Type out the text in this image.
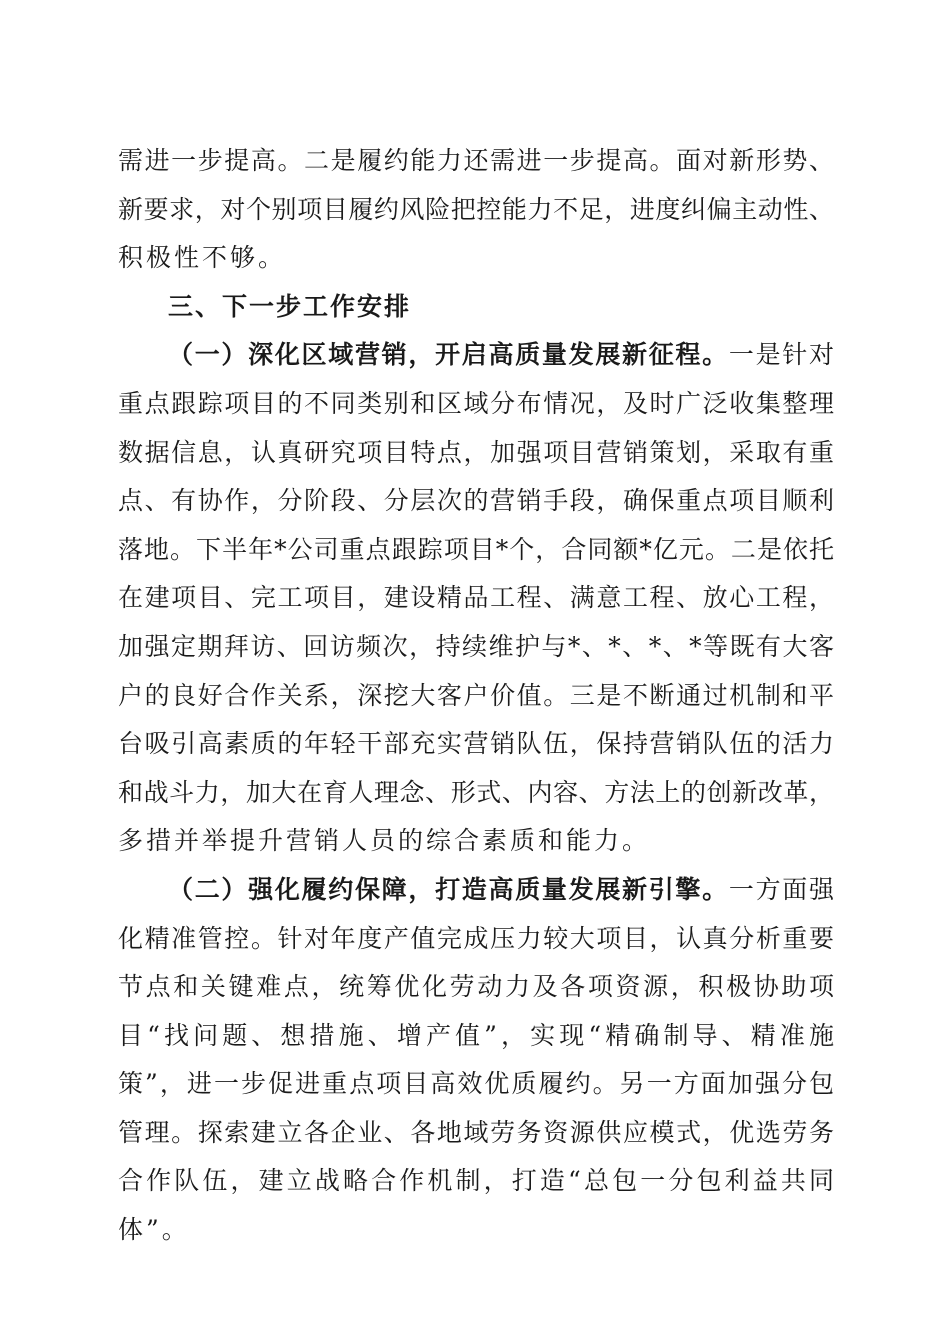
需进一步提高。二是履约能力还需进一步提高。面对新形势、
新要求，对个别项目履约风险把控能力不足，进度纠偏主动性、
积极性不够。
三、下一步工作安排
（一）深化区域营销，开启高质量发展新征程。一是针对
重点跟踪项目的不同类别和区域分布情况，及时广泛收集整理
数据信息，认真研究项目特点，加强项目营销策划，采取有重
点、有协作，分阶段、分层次的营销手段，确保重点项目顺利
落地。下半年*公司重点跟踪项目*个，合同额*亿元。二是依托
在建项目、完工项目，建设精品工程、满意工程、放心工程，
加强定期拜访、回访频次，持续维护与*、*、*、*等既有大客
户的良好合作关系，深挖大客户价值。三是不断通过机制和平
台吸引高素质的年轻干部充实营销队伍，保持营销队伍的活力
和战斗力，加大在育人理念、形式、内容、方法上的创新改革，
多措并举提升营销人员的综合素质和能力。
（二）强化履约保障，打造高质量发展新引擎。一方面强
化精准管控。针对年度产值完成压力较大项目，认真分析重要
节点和关键难点，统筹优化劳动力及各项资源，积极协助项
目“找问题、想措施、增产值”，实现“精确制导、精准施
策”，进一步促进重点项目高效优质履约。另一方面加强分包
管理。探索建立各企业、各地域劳务资源供应模式，优选劳务
合作队伍，建立战略合作机制，打造“总包一分包利益共同
体”。
